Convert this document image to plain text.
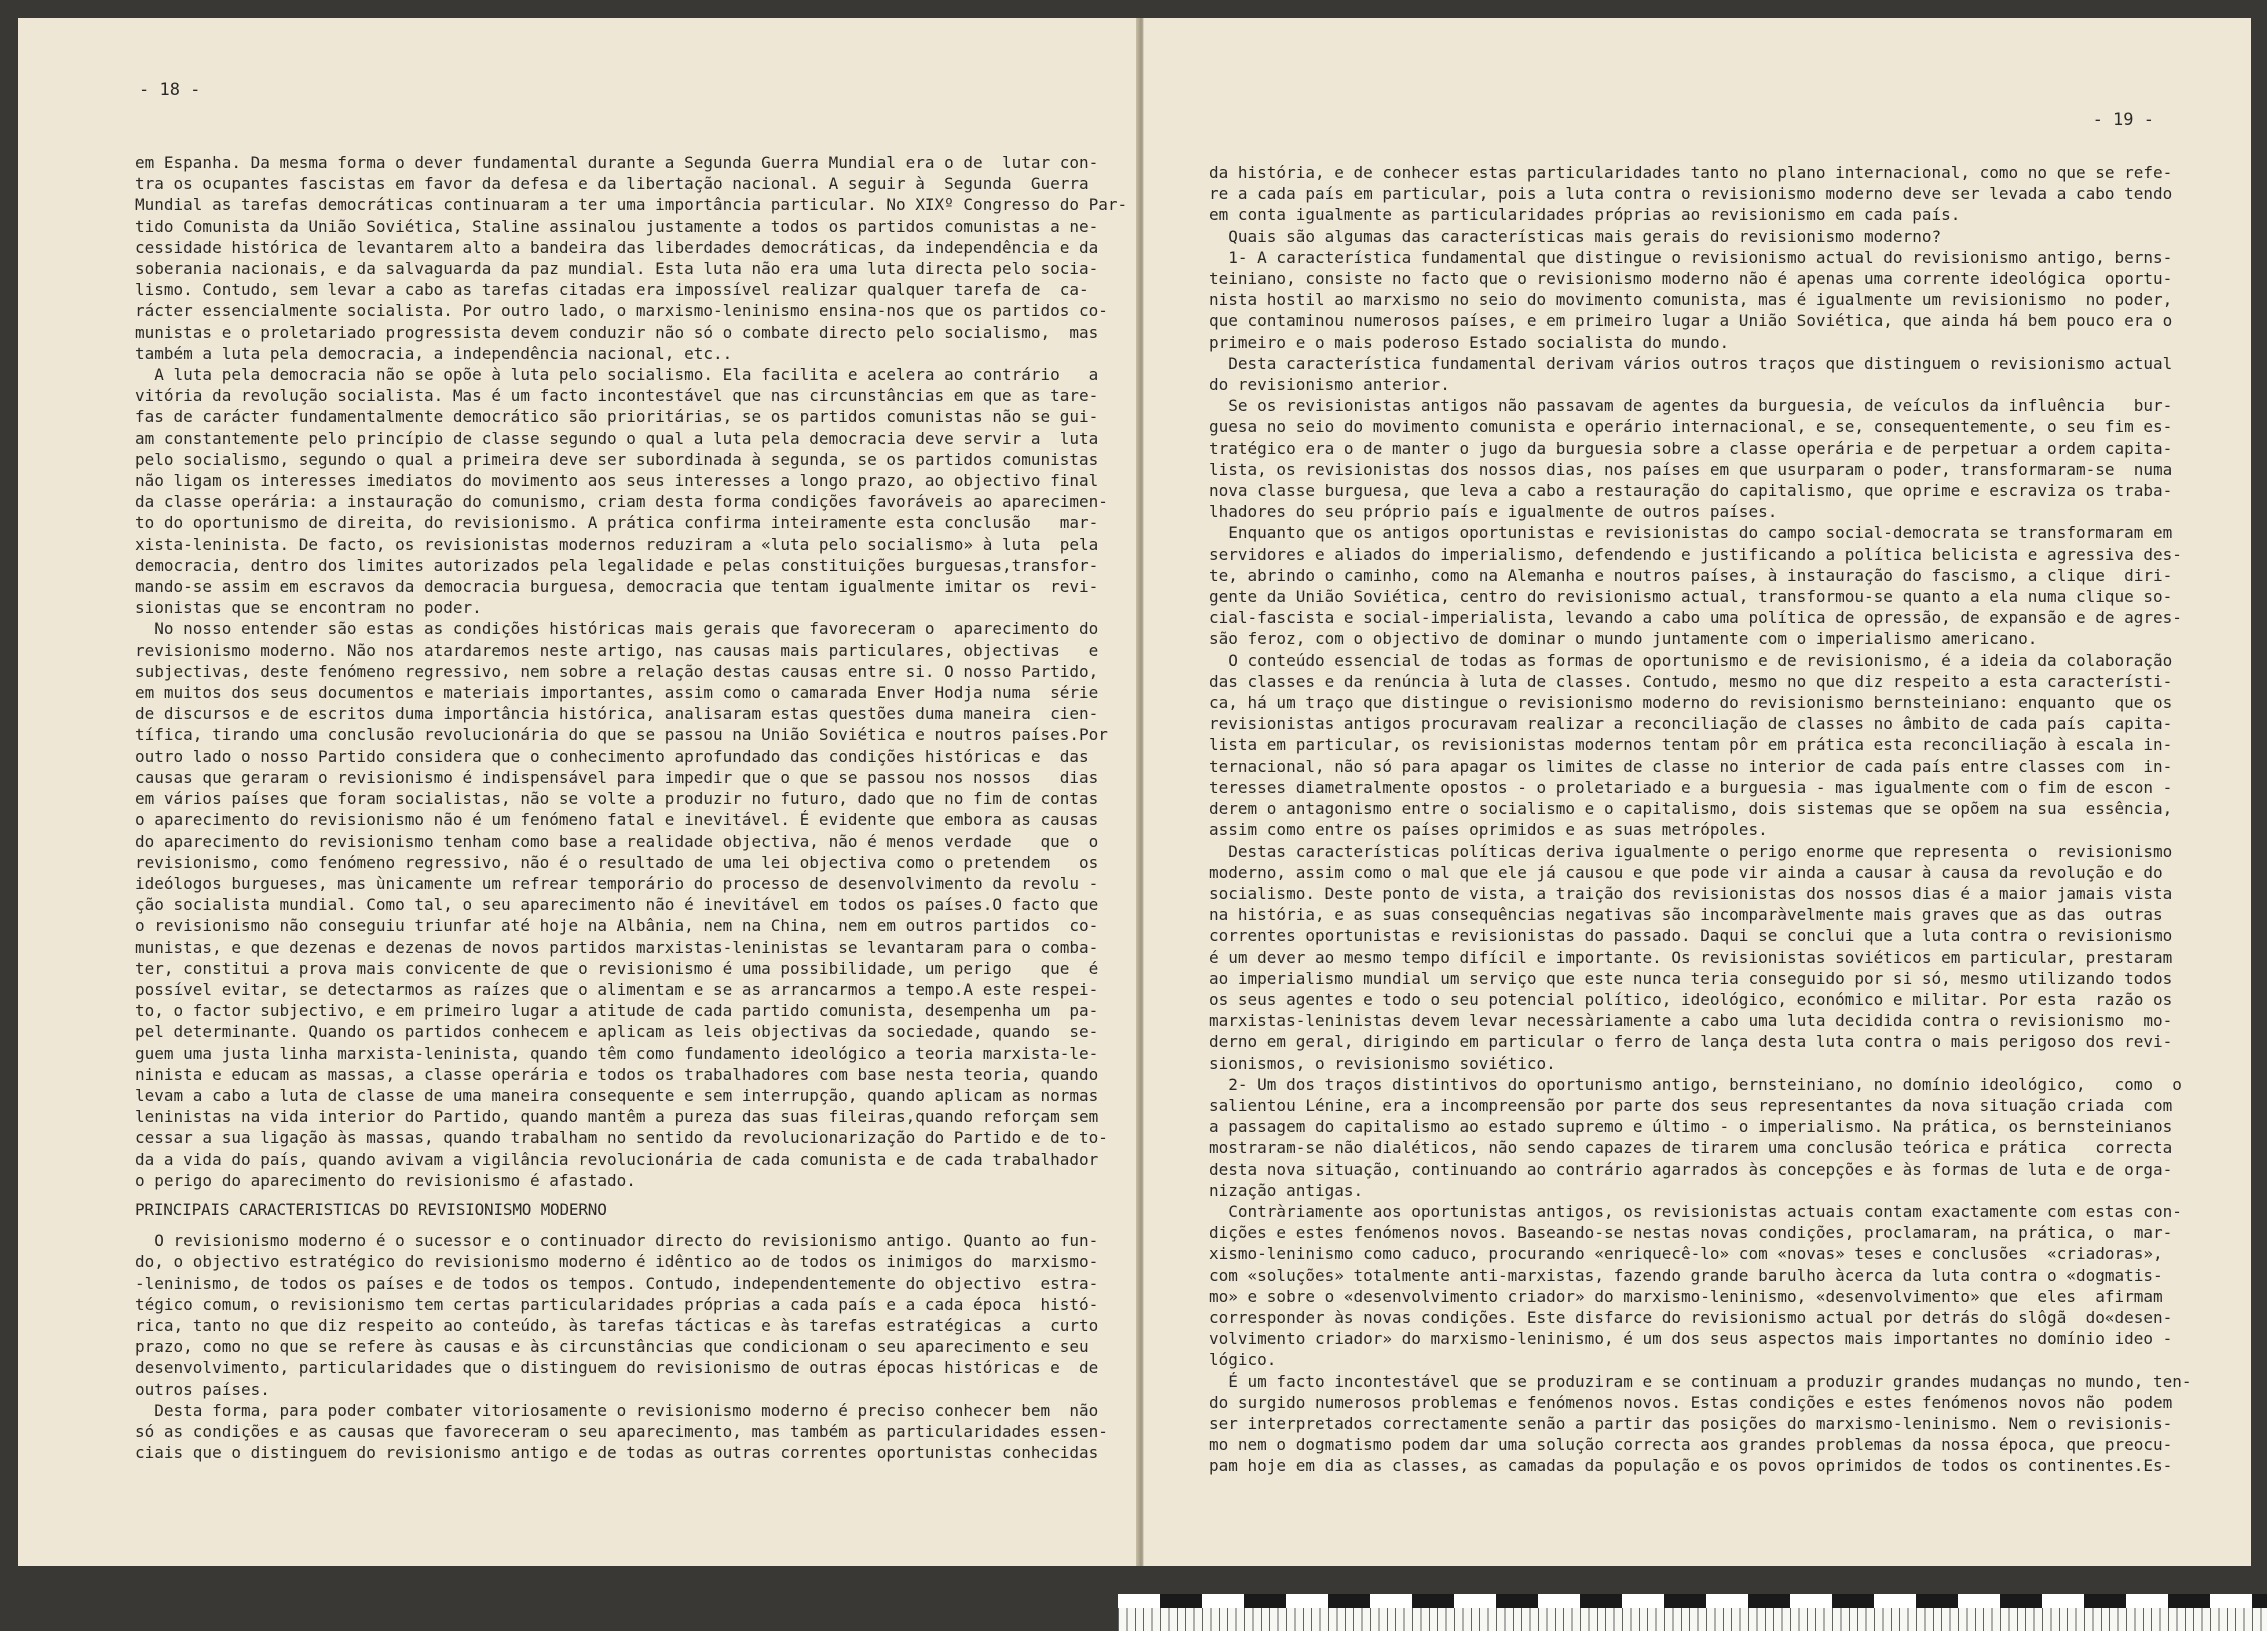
- 18 -

em Espanha. Da mesma forma o dever fundamental durante a Segunda Guerra Mundial era o de  lutar con-

tra os ocupantes fascistas em favor da defesa e da libertação nacional. A seguir à  Segunda  Guerra

Mundial as tarefas democráticas continuaram a ter uma importância particular. No XIXº Congresso do Par-

tido Comunista da União Soviética, Staline assinalou justamente a todos os partidos comunistas a ne-

cessidade histórica de levantarem alto a bandeira das liberdades democráticas, da independência e da

soberania nacionais, e da salvaguarda da paz mundial. Esta luta não era uma luta directa pelo socia-

lismo. Contudo, sem levar a cabo as tarefas citadas era impossível realizar qualquer tarefa de  ca-

rácter essencialmente socialista. Por outro lado, o marxismo-leninismo ensina-nos que os partidos co-

munistas e o proletariado progressista devem conduzir não só o combate directo pelo socialismo,  mas

também a luta pela democracia, a independência nacional, etc..

A luta pela democracia não se opõe à luta pelo socialismo. Ela facilita e acelera ao contrário   a

vitória da revolução socialista. Mas é um facto incontestável que nas circunstâncias em que as tare-

fas de carácter fundamentalmente democrático são prioritárias, se os partidos comunistas não se gui-

am constantemente pelo princípio de classe segundo o qual a luta pela democracia deve servir a  luta

pelo socialismo, segundo o qual a primeira deve ser subordinada à segunda, se os partidos comunistas

não ligam os interesses imediatos do movimento aos seus interesses a longo prazo, ao objectivo final

da classe operária: a instauração do comunismo, criam desta forma condições favoráveis ao aparecimen-

to do oportunismo de direita, do revisionismo. A prática confirma inteiramente esta conclusão   mar-

xista-leninista. De facto, os revisionistas modernos reduziram a «luta pelo socialismo» à luta  pela

democracia, dentro dos limites autorizados pela legalidade e pelas constituições burguesas,transfor-

mando-se assim em escravos da democracia burguesa, democracia que tentam igualmente imitar os  revi-

sionistas que se encontram no poder.

No nosso entender são estas as condições históricas mais gerais que favoreceram o  aparecimento do

revisionismo moderno. Não nos atardaremos neste artigo, nas causas mais particulares, objectivas   e

subjectivas, deste fenómeno regressivo, nem sobre a relação destas causas entre si. O nosso Partido,

em muitos dos seus documentos e materiais importantes, assim como o camarada Enver Hodja numa  série

de discursos e de escritos duma importância histórica, analisaram estas questões duma maneira  cien-

tífica, tirando uma conclusão revolucionária do que se passou na União Soviética e noutros países.Por

outro lado o nosso Partido considera que o conhecimento aprofundado das condições históricas e  das

causas que geraram o revisionismo é indispensável para impedir que o que se passou nos nossos   dias

em vários países que foram socialistas, não se volte a produzir no futuro, dado que no fim de contas

o aparecimento do revisionismo não é um fenómeno fatal e inevitável. É evidente que embora as causas

do aparecimento do revisionismo tenham como base a realidade objectiva, não é menos verdade   que  o

revisionismo, como fenómeno regressivo, não é o resultado de uma lei objectiva como o pretendem   os

ideólogos burgueses, mas ùnicamente um refrear temporário do processo de desenvolvimento da revolu -

ção socialista mundial. Como tal, o seu aparecimento não é inevitável em todos os países.O facto que

o revisionismo não conseguiu triunfar até hoje na Albânia, nem na China, nem em outros partidos  co-

munistas, e que dezenas e dezenas de novos partidos marxistas-leninistas se levantaram para o comba-

ter, constitui a prova mais convicente de que o revisionismo é uma possibilidade, um perigo   que  é

possível evitar, se detectarmos as raízes que o alimentam e se as arrancarmos a tempo.A este respei-

to, o factor subjectivo, e em primeiro lugar a atitude de cada partido comunista, desempenha um  pa-

pel determinante. Quando os partidos conhecem e aplicam as leis objectivas da sociedade, quando  se-

guem uma justa linha marxista-leninista, quando têm como fundamento ideológico a teoria marxista-le-

ninista e educam as massas, a classe operária e todos os trabalhadores com base nesta teoria, quando

levam a cabo a luta de classe de uma maneira consequente e sem interrupção, quando aplicam as normas

leninistas na vida interior do Partido, quando mantêm a pureza das suas fileiras,quando reforçam sem

cessar a sua ligação às massas, quando trabalham no sentido da revolucionarização do Partido e de to-

da a vida do país, quando avivam a vigilância revolucionária de cada comunista e de cada trabalhador

o perigo do aparecimento do revisionismo é afastado.

PRINCIPAIS CARACTERISTICAS DO REVISIONISMO MODERNO

O revisionismo moderno é o sucessor e o continuador directo do revisionismo antigo. Quanto ao fun-

do, o objectivo estratégico do revisionismo moderno é idêntico ao de todos os inimigos do  marxismo-

-leninismo, de todos os países e de todos os tempos. Contudo, independentemente do objectivo  estra-

tégico comum, o revisionismo tem certas particularidades próprias a cada país e a cada época  histó-

rica, tanto no que diz respeito ao conteúdo, às tarefas tácticas e às tarefas estratégicas  a  curto

prazo, como no que se refere às causas e às circunstâncias que condicionam o seu aparecimento e seu

desenvolvimento, particularidades que o distinguem do revisionismo de outras épocas históricas e  de

outros países.

Desta forma, para poder combater vitoriosamente o revisionismo moderno é preciso conhecer bem  não

só as condições e as causas que favoreceram o seu aparecimento, mas também as particularidades essen-

ciais que o distinguem do revisionismo antigo e de todas as outras correntes oportunistas conhecidas

- 19 -

da história, e de conhecer estas particularidades tanto no plano internacional, como no que se refe-

re a cada país em particular, pois a luta contra o revisionismo moderno deve ser levada a cabo tendo

em conta igualmente as particularidades próprias ao revisionismo em cada país.

Quais são algumas das características mais gerais do revisionismo moderno?

1- A característica fundamental que distingue o revisionismo actual do revisionismo antigo, berns-

teiniano, consiste no facto que o revisionismo moderno não é apenas uma corrente ideológica  oportu-

nista hostil ao marxismo no seio do movimento comunista, mas é igualmente um revisionismo  no poder,

que contaminou numerosos países, e em primeiro lugar a União Soviética, que ainda há bem pouco era o

primeiro e o mais poderoso Estado socialista do mundo.

Desta característica fundamental derivam vários outros traços que distinguem o revisionismo actual

do revisionismo anterior.

Se os revisionistas antigos não passavam de agentes da burguesia, de veículos da influência   bur-

guesa no seio do movimento comunista e operário internacional, e se, consequentemente, o seu fim es-

tratégico era o de manter o jugo da burguesia sobre a classe operária e de perpetuar a ordem capita-

lista, os revisionistas dos nossos dias, nos países em que usurparam o poder, transformaram-se  numa

nova classe burguesa, que leva a cabo a restauração do capitalismo, que oprime e escraviza os traba-

lhadores do seu próprio país e igualmente de outros países.

Enquanto que os antigos oportunistas e revisionistas do campo social-democrata se transformaram em

servidores e aliados do imperialismo, defendendo e justificando a política belicista e agressiva des-

te, abrindo o caminho, como na Alemanha e noutros países, à instauração do fascismo, a clique  diri-

gente da União Soviética, centro do revisionismo actual, transformou-se quanto a ela numa clique so-

cial-fascista e social-imperialista, levando a cabo uma política de opressão, de expansão e de agres-

são feroz, com o objectivo de dominar o mundo juntamente com o imperialismo americano.

O conteúdo essencial de todas as formas de oportunismo e de revisionismo, é a ideia da colaboração

das classes e da renúncia à luta de classes. Contudo, mesmo no que diz respeito a esta característi-

ca, há um traço que distingue o revisionismo moderno do revisionismo bernsteiniano: enquanto  que os

revisionistas antigos procuravam realizar a reconciliação de classes no âmbito de cada país  capita-

lista em particular, os revisionistas modernos tentam pôr em prática esta reconciliação à escala in-

ternacional, não só para apagar os limites de classe no interior de cada país entre classes com  in-

teresses diametralmente opostos - o proletariado e a burguesia - mas igualmente com o fim de escon -

derem o antagonismo entre o socialismo e o capitalismo, dois sistemas que se opõem na sua  essência,

assim como entre os países oprimidos e as suas metrópoles.

Destas características políticas deriva igualmente o perigo enorme que representa  o  revisionismo

moderno, assim como o mal que ele já causou e que pode vir ainda a causar à causa da revolução e do

socialismo. Deste ponto de vista, a traição dos revisionistas dos nossos dias é a maior jamais vista

na história, e as suas consequências negativas são incomparàvelmente mais graves que as das  outras

correntes oportunistas e revisionistas do passado. Daqui se conclui que a luta contra o revisionismo

é um dever ao mesmo tempo difícil e importante. Os revisionistas soviéticos em particular, prestaram

ao imperialismo mundial um serviço que este nunca teria conseguido por si só, mesmo utilizando todos

os seus agentes e todo o seu potencial político, ideológico, económico e militar. Por esta  razão os

marxistas-leninistas devem levar necessàriamente a cabo uma luta decidida contra o revisionismo  mo-

derno em geral, dirigindo em particular o ferro de lança desta luta contra o mais perigoso dos revi-

sionismos, o revisionismo soviético.

2- Um dos traços distintivos do oportunismo antigo, bernsteiniano, no domínio ideológico,   como  o

salientou Lénine, era a incompreensão por parte dos seus representantes da nova situação criada  com

a passagem do capitalismo ao estado supremo e último - o imperialismo. Na prática, os bernsteinianos

mostraram-se não dialéticos, não sendo capazes de tirarem uma conclusão teórica e prática   correcta

desta nova situação, continuando ao contrário agarrados às concepções e às formas de luta e de orga-

nização antigas.

Contràriamente aos oportunistas antigos, os revisionistas actuais contam exactamente com estas con-

dições e estes fenómenos novos. Baseando-se nestas novas condições, proclamaram, na prática, o  mar-

xismo-leninismo como caduco, procurando «enriquecê-lo» com «novas» teses e conclusões  «criadoras»,

com «soluções» totalmente anti-marxistas, fazendo grande barulho àcerca da luta contra o «dogmatis-

mo» e sobre o «desenvolvimento criador» do marxismo-leninismo, «desenvolvimento» que  eles  afirmam

corresponder às novas condições. Este disfarce do revisionismo actual por detrás do slôgã  do«desen-

volvimento criador» do marxismo-leninismo, é um dos seus aspectos mais importantes no domínio ideo -

lógico.

É um facto incontestável que se produziram e se continuam a produzir grandes mudanças no mundo, ten-

do surgido numerosos problemas e fenómenos novos. Estas condições e estes fenómenos novos não  podem

ser interpretados correctamente senão a partir das posições do marxismo-leninismo. Nem o revisionis-

mo nem o dogmatismo podem dar uma solução correcta aos grandes problemas da nossa época, que preocu-

pam hoje em dia as classes, as camadas da população e os povos oprimidos de todos os continentes.Es-
